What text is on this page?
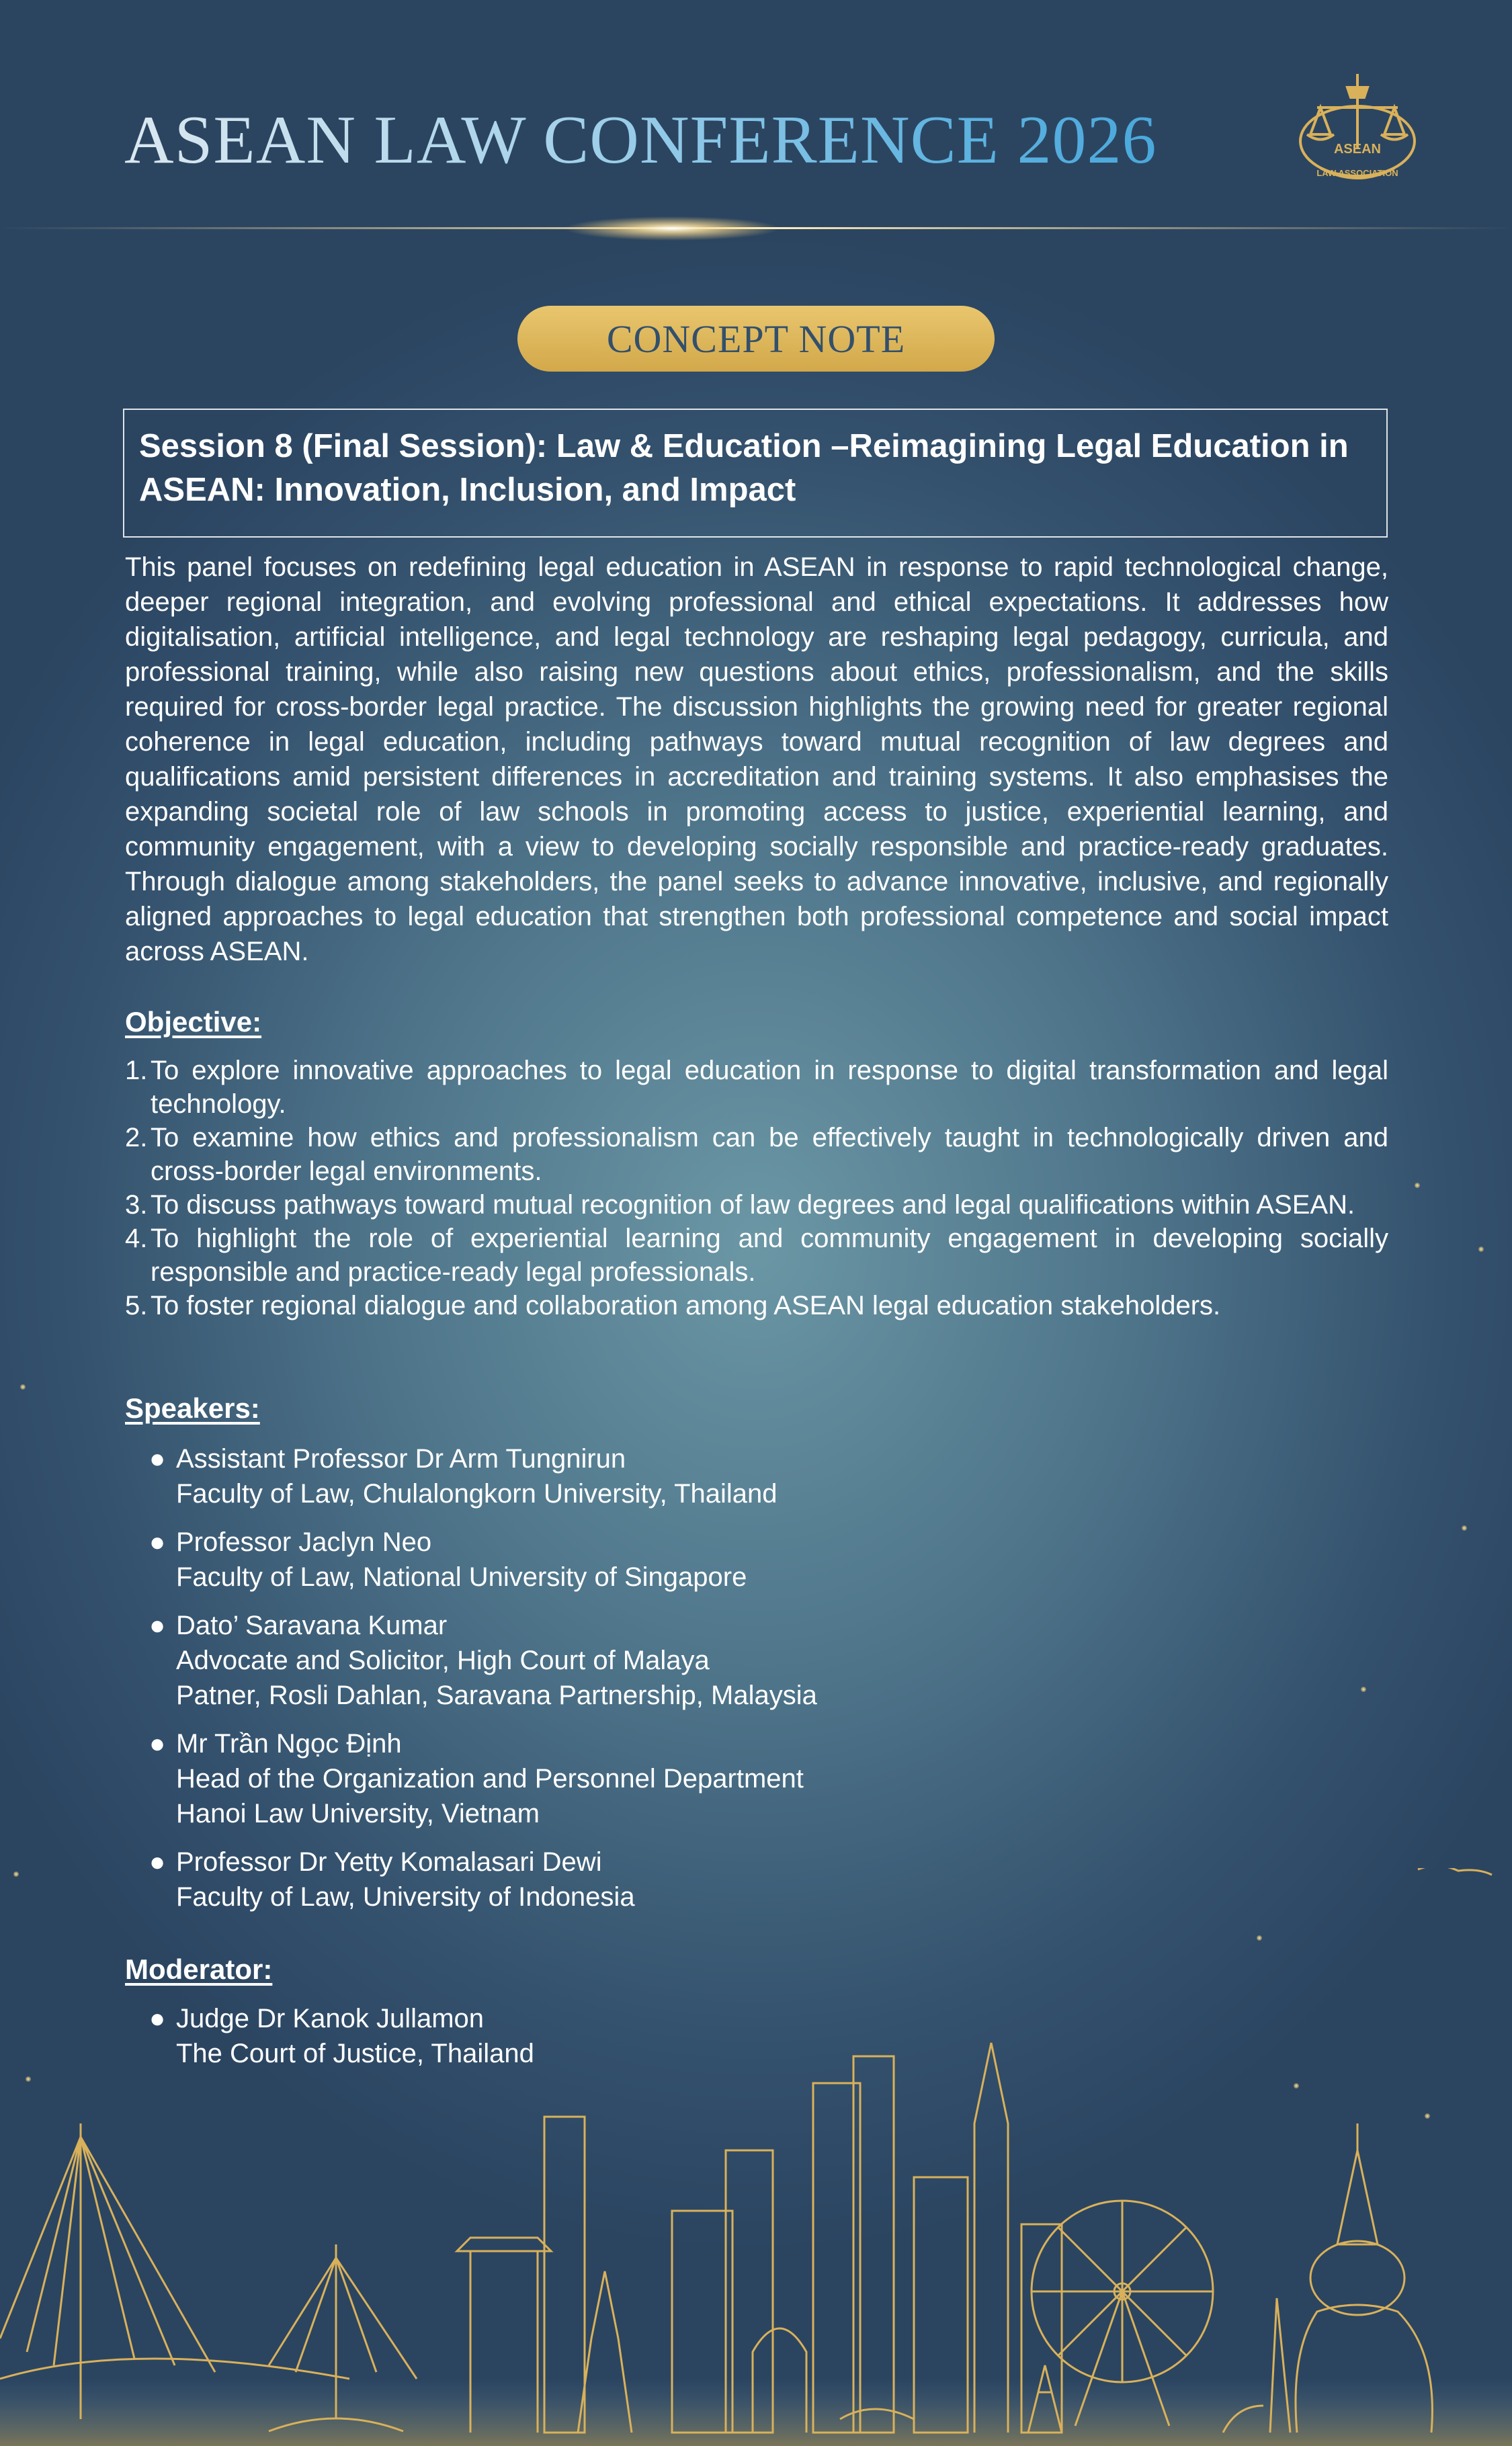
ASEAN LAW CONFERENCE 2026	ASEAN
LAW ASSOCIATION
CONCEPT NOTE

Session 8 (Final Session): Law & Education –Reimagining Legal Education in ASEAN: Innovation, Inclusion, and Impact

This panel focuses on redefining legal education in ASEAN in response to rapid technological change, deeper regional integration, and evolving professional and ethical expectations. It addresses how digitalisation, artificial intelligence, and legal technology are reshaping legal pedagogy, curricula, and professional training, while also raising new questions about ethics, professionalism, and the skills required for cross-border legal practice. The discussion highlights the growing need for greater regional coherence in legal education, including pathways toward mutual recognition of law degrees and qualifications amid persistent differences in accreditation and training systems. It also emphasises the expanding societal role of law schools in promoting access to justice, experiential learning, and community engagement, with a view to developing socially responsible and practice-ready graduates. Through dialogue among stakeholders, the panel seeks to advance innovative, inclusive, and regionally aligned approaches to legal education that strengthen both professional competence and social impact across ASEAN.

Objective:

1. To explore innovative approaches to legal education in response to digital transformation and legal technology.
2. To examine how ethics and professionalism can be effectively taught in technologically driven and cross-border legal environments.
3. To discuss pathways toward mutual recognition of law degrees and legal qualifications within ASEAN.
4. To highlight the role of experiential learning and community engagement in developing socially responsible and practice-ready legal professionals.
5. To foster regional dialogue and collaboration among ASEAN legal education stakeholders.

Speakers:

● Assistant Professor Dr Arm Tungnirun
Faculty of Law, Chulalongkorn University, Thailand
● Professor Jaclyn Neo
Faculty of Law, National University of Singapore
● Dato’ Saravana Kumar
Advocate and Solicitor, High Court of Malaya
Patner, Rosli Dahlan, Saravana Partnership, Malaysia
● Mr Trần Ngọc Định
Head of the Organization and Personnel Department
Hanoi Law University, Vietnam
● Professor Dr Yetty Komalasari Dewi
Faculty of Law, University of Indonesia

Moderator:

● Judge Dr Kanok Jullamon
The Court of Justice, Thailand
